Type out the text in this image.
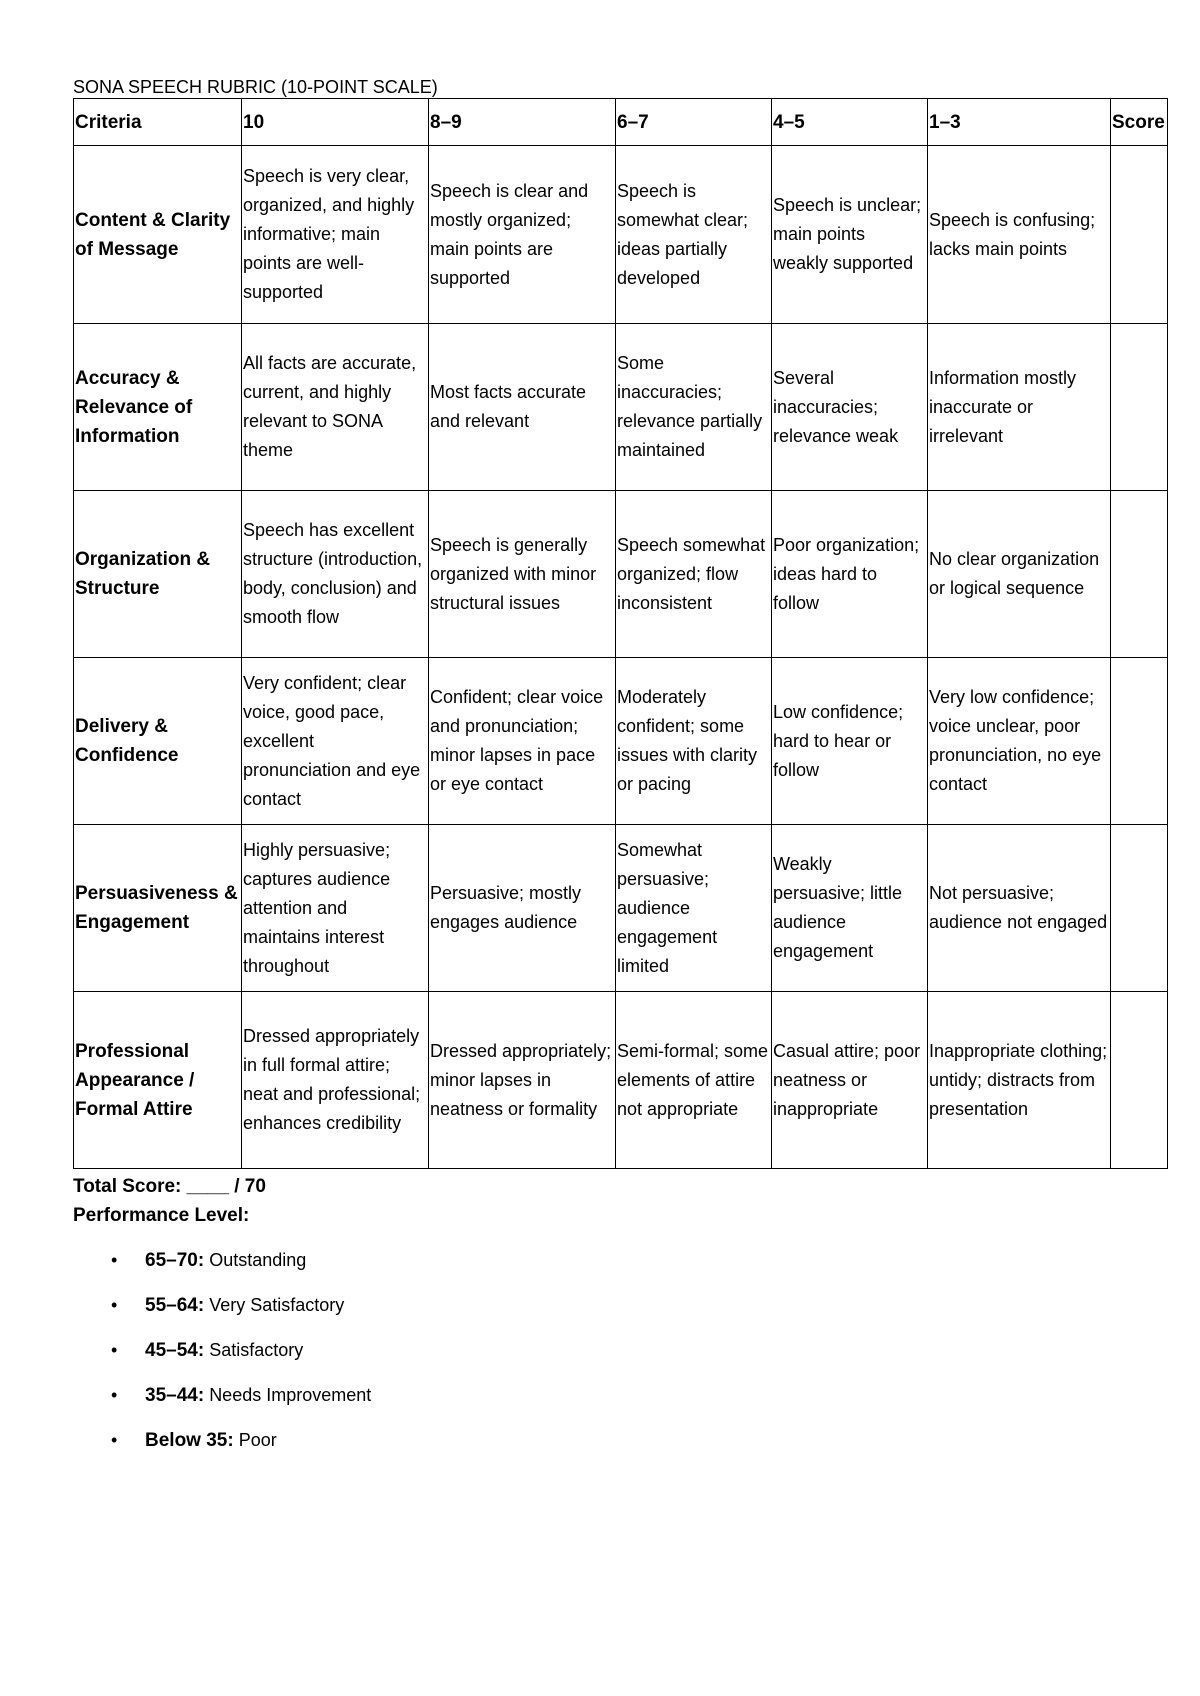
SONA SPEECH RUBRIC (10-POINT SCALE)
Criteria	10	8–9	6–7	4–5	1–3	Score
Content & Clarity of Message	Speech is very clear, organized, and highly informative; main points are well-supported	Speech is clear and mostly organized; main points are supported	Speech is somewhat clear; ideas partially developed	Speech is unclear; main points weakly supported	Speech is confusing; lacks main points	
Accuracy & Relevance of Information	All facts are accurate, current, and highly relevant to SONA theme	Most facts accurate and relevant	Some inaccuracies; relevance partially maintained	Several inaccuracies; relevance weak	Information mostly inaccurate or irrelevant	
Organization & Structure	Speech has excellent structure (introduction, body, conclusion) and smooth flow	Speech is generally organized with minor structural issues	Speech somewhat organized; flow inconsistent	Poor organization; ideas hard to follow	No clear organization or logical sequence	
Delivery & Confidence	Very confident; clear voice, good pace, excellent pronunciation and eye contact	Confident; clear voice and pronunciation; minor lapses in pace or eye contact	Moderately confident; some issues with clarity or pacing	Low confidence; hard to hear or follow	Very low confidence; voice unclear, poor pronunciation, no eye contact	
Persuasiveness & Engagement	Highly persuasive; captures audience attention and maintains interest throughout	Persuasive; mostly engages audience	Somewhat persuasive; audience engagement limited	Weakly persuasive; little audience engagement	Not persuasive; audience not engaged	
Professional Appearance / Formal Attire	Dressed appropriately in full formal attire; neat and professional; enhances credibility	Dressed appropriately; minor lapses in neatness or formality	Semi-formal; some elements of attire not appropriate	Casual attire; poor neatness or inappropriate	Inappropriate clothing; untidy; distracts from presentation	
Total Score: ____ / 70
Performance Level:
• 65–70: Outstanding
• 55–64: Very Satisfactory
• 45–54: Satisfactory
• 35–44: Needs Improvement
• Below 35: Poor
